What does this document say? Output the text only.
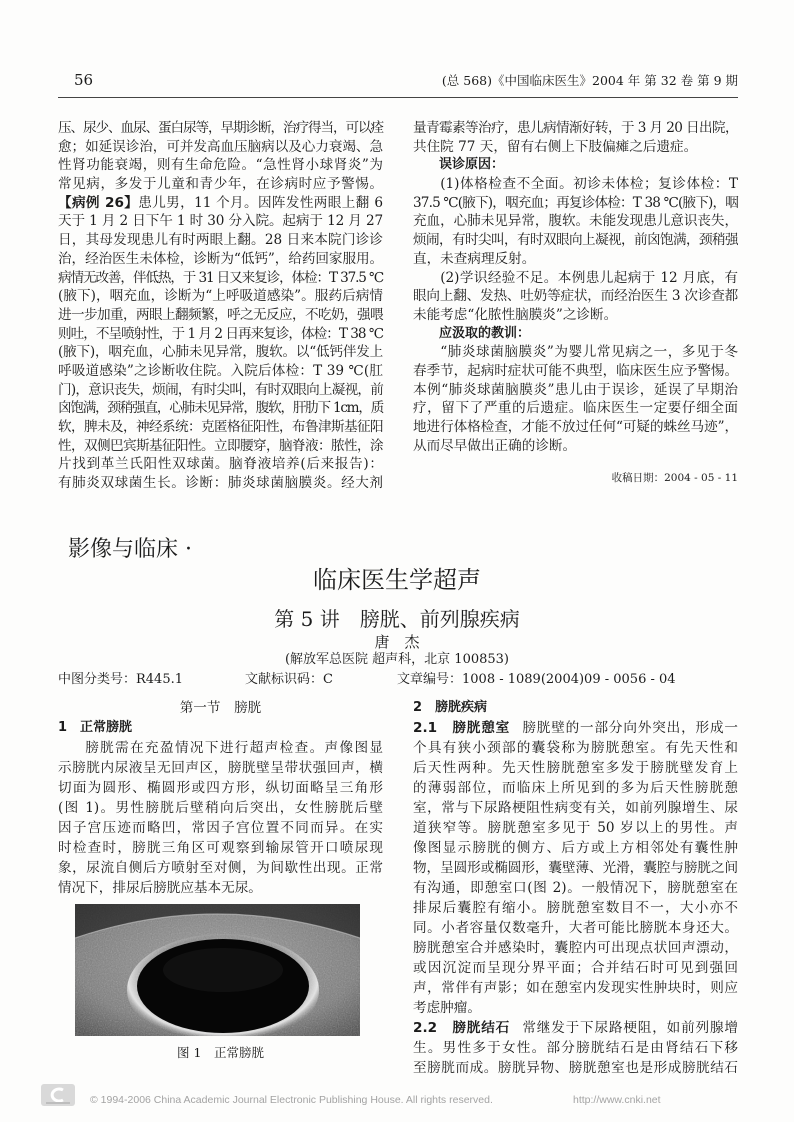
56	(总 568)《中国临床医生》2004 年 第 32 卷 第 9 期
压、尿少、血尿、蛋白尿等，早期诊断，治疗得当，可以痊
愈；如延误诊治，可并发高血压脑病以及心力衰竭、急
性肾功能衰竭，则有生命危险。“急性肾小球肾炎”为
常见病，多发于儿童和青少年，在诊病时应予警惕。
【病例 26】患儿男，11 个月。因阵发性两眼上翻 6
天于 1 月 2 日下午 1 时 30 分入院。起病于 12 月 27
日，其母发现患儿有时两眼上翻。28 日来本院门诊诊
治，经治医生未体检，诊断为“低钙”，给药回家服用。
病情无改善，伴低热，于 31 日又来复诊，体检：T 37.5 ℃
(腋下)，咽充血，诊断为“上呼吸道感染”。服药后病情
进一步加重，两眼上翻频繁，呼之无反应，不吃奶，强喂
则吐，不呈喷射性，于 1 月 2 日再来复诊，体检：T 38 ℃
(腋下)，咽充血，心肺未见异常，腹软。以“低钙伴发上
呼吸道感染”之诊断收住院。入院后体检：T 39 ℃(肛
门)，意识丧失，烦闹，有时尖叫，有时双眼向上凝视，前
囟饱满，颈稍强直，心肺未见异常，腹软，肝肋下 1cm，质
软，脾未及，神经系统：克匿格征阳性，布鲁津斯基征阳
性，双侧巴宾斯基征阳性。立即腰穿，脑脊液：脓性，涂
片找到革兰氏阳性双球菌。脑脊液培养(后来报告)：
有肺炎双球菌生长。诊断：肺炎球菌脑膜炎。经大剂
量青霉素等治疗，患儿病情渐好转，于 3 月 20 日出院，
共住院 77 天，留有右侧上下肢偏瘫之后遗症。
误诊原因：
(1)体格检查不全面。初诊未体检；复诊体检：T
37.5 ℃(腋下)，咽充血；再复诊体检：T 38 ℃(腋下)，咽
充血，心肺未见异常，腹软。未能发现患儿意识丧失，
烦闹，有时尖叫，有时双眼向上凝视，前囟饱满，颈稍强
直，未查病理反射。
(2)学识经验不足。本例患儿起病于 12 月底，有
眼向上翻、发热、吐奶等症状，而经治医生 3 次诊查都
未能考虑“化脓性脑膜炎”之诊断。
应汲取的教训：
“肺炎球菌脑膜炎”为婴儿常见病之一，多见于冬
春季节，起病时症状可能不典型，临床医生应予警惕。
本例“肺炎球菌脑膜炎”患儿由于误诊，延误了早期治
疗，留下了严重的后遗症。临床医生一定要仔细全面
地进行体格检查，才能不放过任何“可疑的蛛丝马迹”，
从而尽早做出正确的诊断。
收稿日期：2004 - 05 - 11
影像与临床 ·
临床医生学超声
第 5 讲　膀胱、前列腺疾病
唐　杰
(解放军总医院 超声科，北京 100853)
中图分类号：R445.1	文献标识码：C	文章编号：1008 - 1089(2004)09 - 0056 - 04
第一节　膀胱
1　正常膀胱
膀胱需在充盈情况下进行超声检查。声像图显
示膀胱内尿液呈无回声区，膀胱壁呈带状强回声，横
切面为圆形、椭圆形或四方形，纵切面略呈三角形
(图 1)。男性膀胱后壁稍向后突出，女性膀胱后壁
因子宫压迹而略凹，常因子宫位置不同而异。在实
时检查时，膀胱三角区可观察到输尿管开口喷尿现
象，尿流自侧后方喷射至对侧，为间歇性出现。正常
情况下，排尿后膀胱应基本无尿。
图 1　正常膀胱
2　膀胱疾病
2.1　膀胱憩室 膀胱壁的一部分向外突出，形成一
个具有狭小颈部的囊袋称为膀胱憩室。有先天性和
后天性两种。先天性膀胱憩室多发于膀胱壁发育上
的薄弱部位，而临床上所见到的多为后天性膀胱憩
室，常与下尿路梗阻性病变有关，如前列腺增生、尿
道狭窄等。膀胱憩室多见于 50 岁以上的男性。声
像图显示膀胱的侧方、后方或上方相邻处有囊性肿
物，呈圆形或椭圆形，囊壁薄、光滑，囊腔与膀胱之间
有沟通，即憩室口(图 2)。一般情况下，膀胱憩室在
排尿后囊腔有缩小。膀胱憩室数目不一，大小亦不
同。小者容量仅数毫升，大者可能比膀胱本身还大。
膀胱憩室合并感染时，囊腔内可出现点状回声漂动，
或因沉淀而呈现分界平面；合并结石时可见到强回
声，常伴有声影；如在憩室内发现实性肿块时，则应
考虑肿瘤。
2.2　膀胱结石 常继发于下尿路梗阻，如前列腺增
生。男性多于女性。部分膀胱结石是由肾结石下移
至膀胱而成。膀胱异物、膀胱憩室也是形成膀胱结石
© 1994-2006 China Academic Journal Electronic Publishing House. All rights reserved.	http://www.cnki.net
